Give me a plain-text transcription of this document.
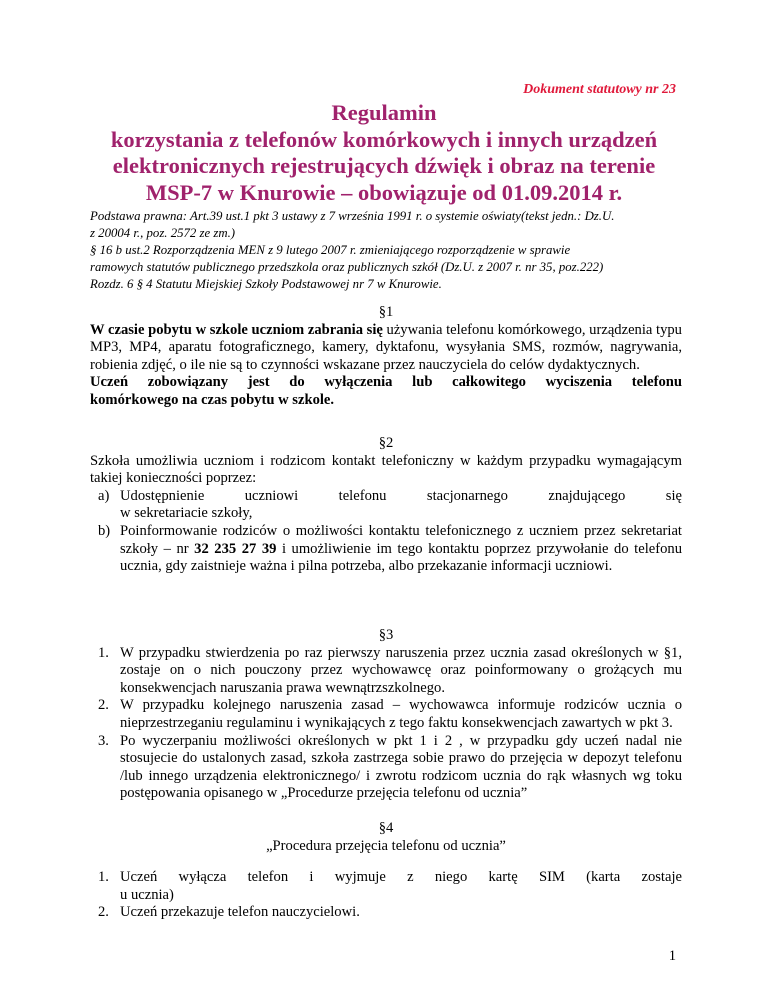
Dokument statutowy nr 23
Regulamin
korzystania z telefonów komórkowych i innych urządzeń
elektronicznych rejestrujących dźwięk i obraz na terenie
MSP-7 w Knurowie – obowiązuje od 01.09.2014 r.
Podstawa prawna: Art.39 ust.1 pkt 3 ustawy z 7 września 1991 r. o systemie oświaty(tekst jedn.: Dz.U.
z 20004 r., poz. 2572 ze zm.)
§ 16 b ust.2 Rozporządzenia MEN z 9 lutego 2007 r. zmieniającego rozporządzenie w sprawie
ramowych statutów publicznego przedszkola oraz publicznych szkół (Dz.U. z 2007 r. nr 35, poz.222)
Rozdz. 6 § 4 Statutu Miejskiej Szkoły Podstawowej nr 7 w Knurowie.
§1
W czasie pobytu w szkole uczniom zabrania się używania telefonu komórkowego, urządzenia typu MP3, MP4, aparatu fotograficznego, kamery, dyktafonu, wysyłania SMS, rozmów, nagrywania, robienia zdjęć, o ile nie są to czynności wskazane przez nauczyciela do celów dydaktycznych.
Uczeń zobowiązany jest do wyłączenia lub całkowitego wyciszenia telefonu
komórkowego na czas pobytu w szkole.
§2
Szkoła umożliwia uczniom i rodzicom kontakt telefoniczny w każdym przypadku wymagającym takiej konieczności poprzez:
a) Udostępnienie uczniowi telefonu stacjonarnego znajdującego się
w sekretariacie szkoły,
b) Poinformowanie rodziców o możliwości kontaktu telefonicznego z uczniem przez sekretariat szkoły – nr 32 235 27 39 i umożliwienie im tego kontaktu poprzez przywołanie do telefonu ucznia, gdy zaistnieje ważna i pilna potrzeba, albo przekazanie informacji uczniowi.
§3
1. W przypadku stwierdzenia po raz pierwszy naruszenia przez ucznia zasad określonych w §1, zostaje on o nich pouczony przez wychowawcę oraz poinformowany o grożących mu konsekwencjach naruszania prawa wewnątrzszkolnego.
2. W przypadku kolejnego naruszenia zasad – wychowawca informuje rodziców ucznia o nieprzestrzeganiu regulaminu i wynikających z tego faktu konsekwencjach zawartych w pkt 3.
3. Po wyczerpaniu możliwości określonych w pkt 1 i 2 , w przypadku gdy uczeń nadal nie stosujecie do ustalonych zasad, szkoła zastrzega sobie prawo do przejęcia w depozyt telefonu /lub innego urządzenia elektronicznego/ i zwrotu rodzicom ucznia do rąk własnych wg toku postępowania opisanego w „Procedurze przejęcia telefonu od ucznia”
§4
„Procedura przejęcia telefonu od ucznia”
1. Uczeń wyłącza telefon i wyjmuje z niego kartę SIM (karta zostaje
u ucznia)
2. Uczeń przekazuje telefon nauczycielowi.
1
